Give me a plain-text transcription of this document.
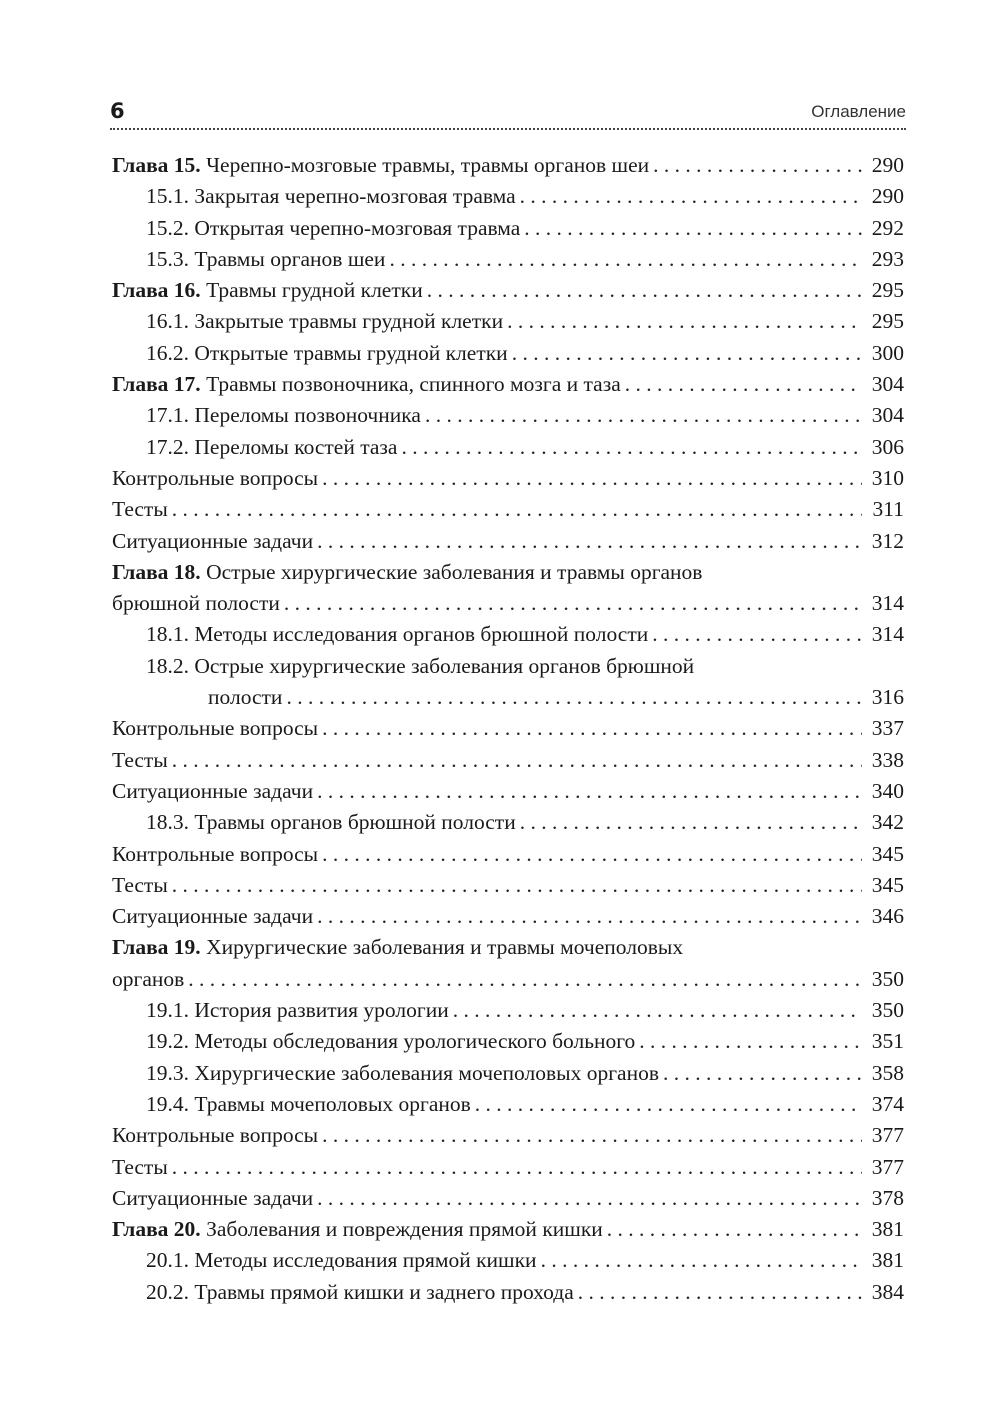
6	Оглавление
Глава 15. Черепно-мозговые травмы, травмы органов шеи . . .	290
15.1. Закрытая черепно-мозговая травма . . .	290
15.2. Открытая черепно-мозговая травма . . .	292
15.3. Травмы органов шеи . . .	293
Глава 16. Травмы грудной клетки . . .	295
16.1. Закрытые травмы грудной клетки . . .	295
16.2. Открытые травмы грудной клетки . . .	300
Глава 17. Травмы позвоночника, спинного мозга и таза . . .	304
17.1. Переломы позвоночника . . .	304
17.2. Переломы костей таза . . .	306
Контрольные вопросы . . .	310
Тесты . . .	311
Ситуационные задачи . . .	312
Глава 18. Острые хирургические заболевания и травмы органов
брюшной полости . . .	314
18.1. Методы исследования органов брюшной полости . . .	314
18.2. Острые хирургические заболевания органов брюшной
полости . . .	316
Контрольные вопросы . . .	337
Тесты . . .	338
Ситуационные задачи . . .	340
18.3. Травмы органов брюшной полости . . .	342
Контрольные вопросы . . .	345
Тесты . . .	345
Ситуационные задачи . . .	346
Глава 19. Хирургические заболевания и травмы мочеполовых
органов . . .	350
19.1. История развития урологии . . .	350
19.2. Методы обследования урологического больного . . .	351
19.3. Хирургические заболевания мочеполовых органов . . .	358
19.4. Травмы мочеполовых органов . . .	374
Контрольные вопросы . . .	377
Тесты . . .	377
Ситуационные задачи . . .	378
Глава 20. Заболевания и повреждения прямой кишки . . .	381
20.1. Методы исследования прямой кишки . . .	381
20.2. Травмы прямой кишки и заднего прохода . . .	384
